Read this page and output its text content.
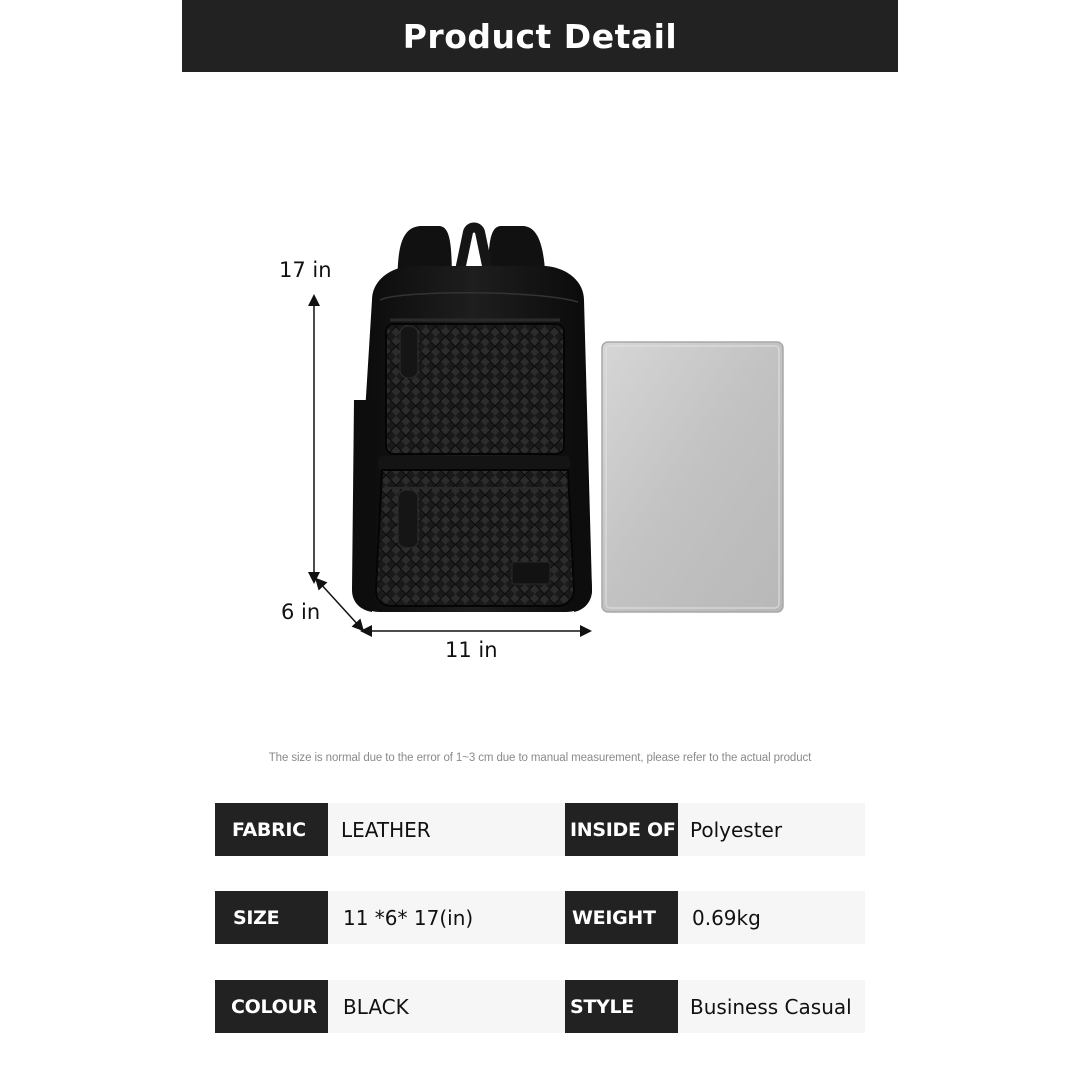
Product Detail
17 in
6 in
11 in
The size is normal due to the error of 1~3 cm due to manual measurement, please refer to the actual product
FABRIC	LEATHER	INSIDE OF Polyester
SIZE	11 *6* 17(in)	WEIGHT	0.69kg
COLOUR	BLACK	STYLE	Business Casual
